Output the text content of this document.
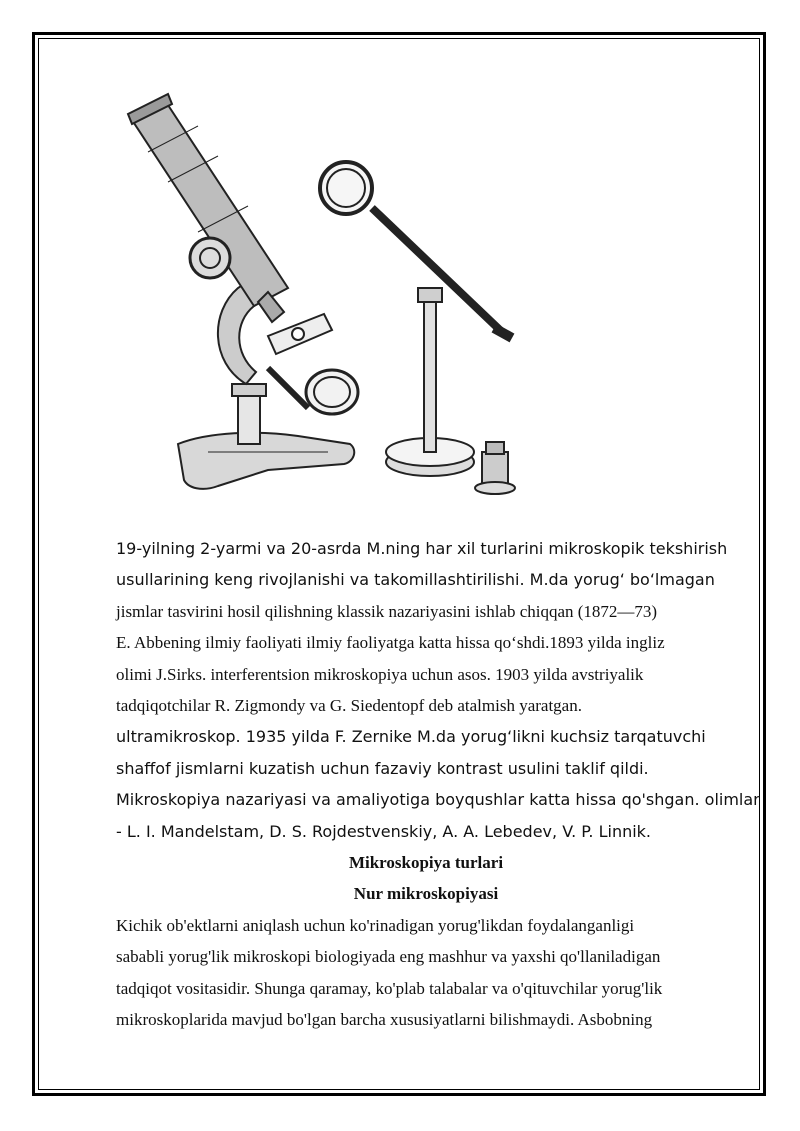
19-yilning 2-yarmi va 20-asrda M.ning har xil turlarini mikroskopik tekshirish
usullarining keng rivojlanishi va takomillashtirilishi. M.da yorug‘ bo‘lmagan
jismlar tasvirini hosil qilishning klassik nazariyasini ishlab chiqqan (1872—73)
E. Abbening ilmiy faoliyati ilmiy faoliyatga katta hissa qo‘shdi.1893 yilda ingliz
olimi J.Sirks. interferentsion mikroskopiya uchun asos. 1903 yilda avstriyalik
tadqiqotchilar R. Zigmondy va G. Siedentopf deb atalmish yaratgan.
ultramikroskop. 1935 yilda F. Zernike M.da yorug‘likni kuchsiz tarqatuvchi
shaffof jismlarni kuzatish uchun fazaviy kontrast usulini taklif qildi.
Mikroskopiya nazariyasi va amaliyotiga boyqushlar katta hissa qo'shgan. olimlar
- L. I. Mandelstam, D. S. Rojdestvenskiy, A. A. Lebedev, V. P. Linnik.

Mikroskopiya turlari

Nur mikroskopiyasi

Kichik ob'ektlarni aniqlash uchun ko'rinadigan yorug'likdan foydalanganligi
sababli yorug'lik mikroskopi biologiyada eng mashhur va yaxshi qo'llaniladigan
tadqiqot vositasidir. Shunga qaramay, ko'plab talabalar va o'qituvchilar yorug'lik
mikroskoplarida mavjud bo'lgan barcha xususiyatlarni bilishmaydi. Asbobning
